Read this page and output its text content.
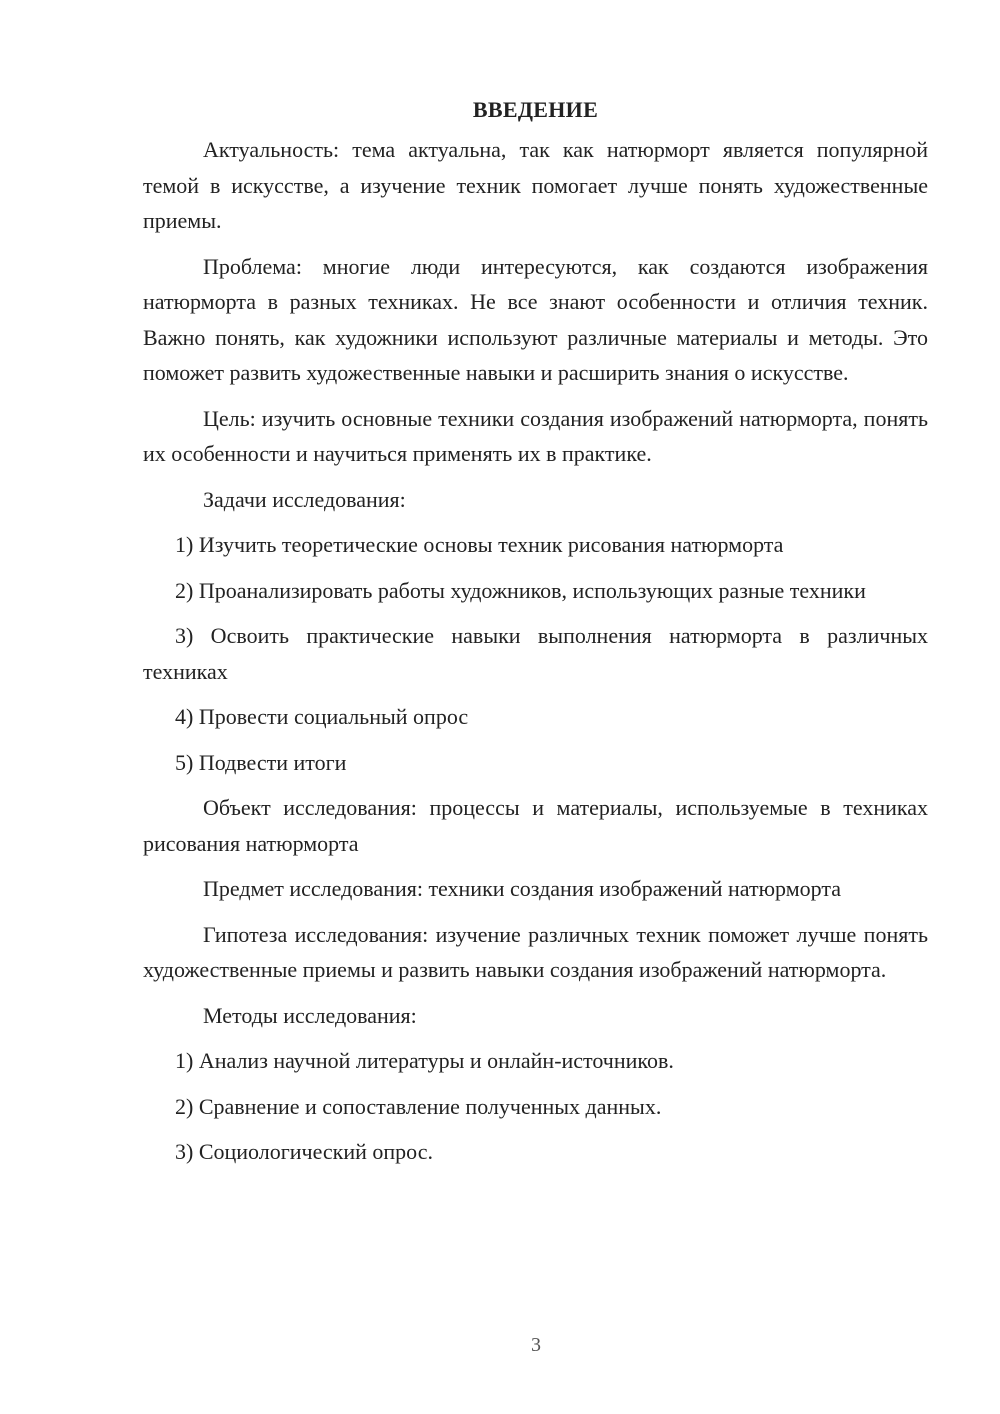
ВВЕДЕНИЕ

Актуальность: тема актуальна, так как натюрморт является популярной темой в искусстве, а изучение техник помогает лучше понять художественные приемы.

Проблема: многие люди интересуются, как создаются изображения натюрморта в разных техниках. Не все знают особенности и отличия техник. Важно понять, как художники используют различные материалы и методы. Это поможет развить художественные навыки и расширить знания о искусстве.

Цель: изучить основные техники создания изображений натюрморта, понять их особенности и научиться применять их в практике.

Задачи исследования:

1) Изучить теоретические основы техник рисования натюрморта

2) Проанализировать работы художников, использующих разные техники

3) Освоить практические навыки выполнения натюрморта в различных техниках

4) Провести социальный опрос

5) Подвести итоги

Объект исследования: процессы и материалы, используемые в техниках рисования натюрморта

Предмет исследования: техники создания изображений натюрморта

Гипотеза исследования: изучение различных техник поможет лучше понять художественные приемы и развить навыки создания изображений натюрморта.

Методы исследования:

1) Анализ научной литературы и онлайн-источников.

2) Сравнение и сопоставление полученных данных.

3) Социологический опрос.

3
